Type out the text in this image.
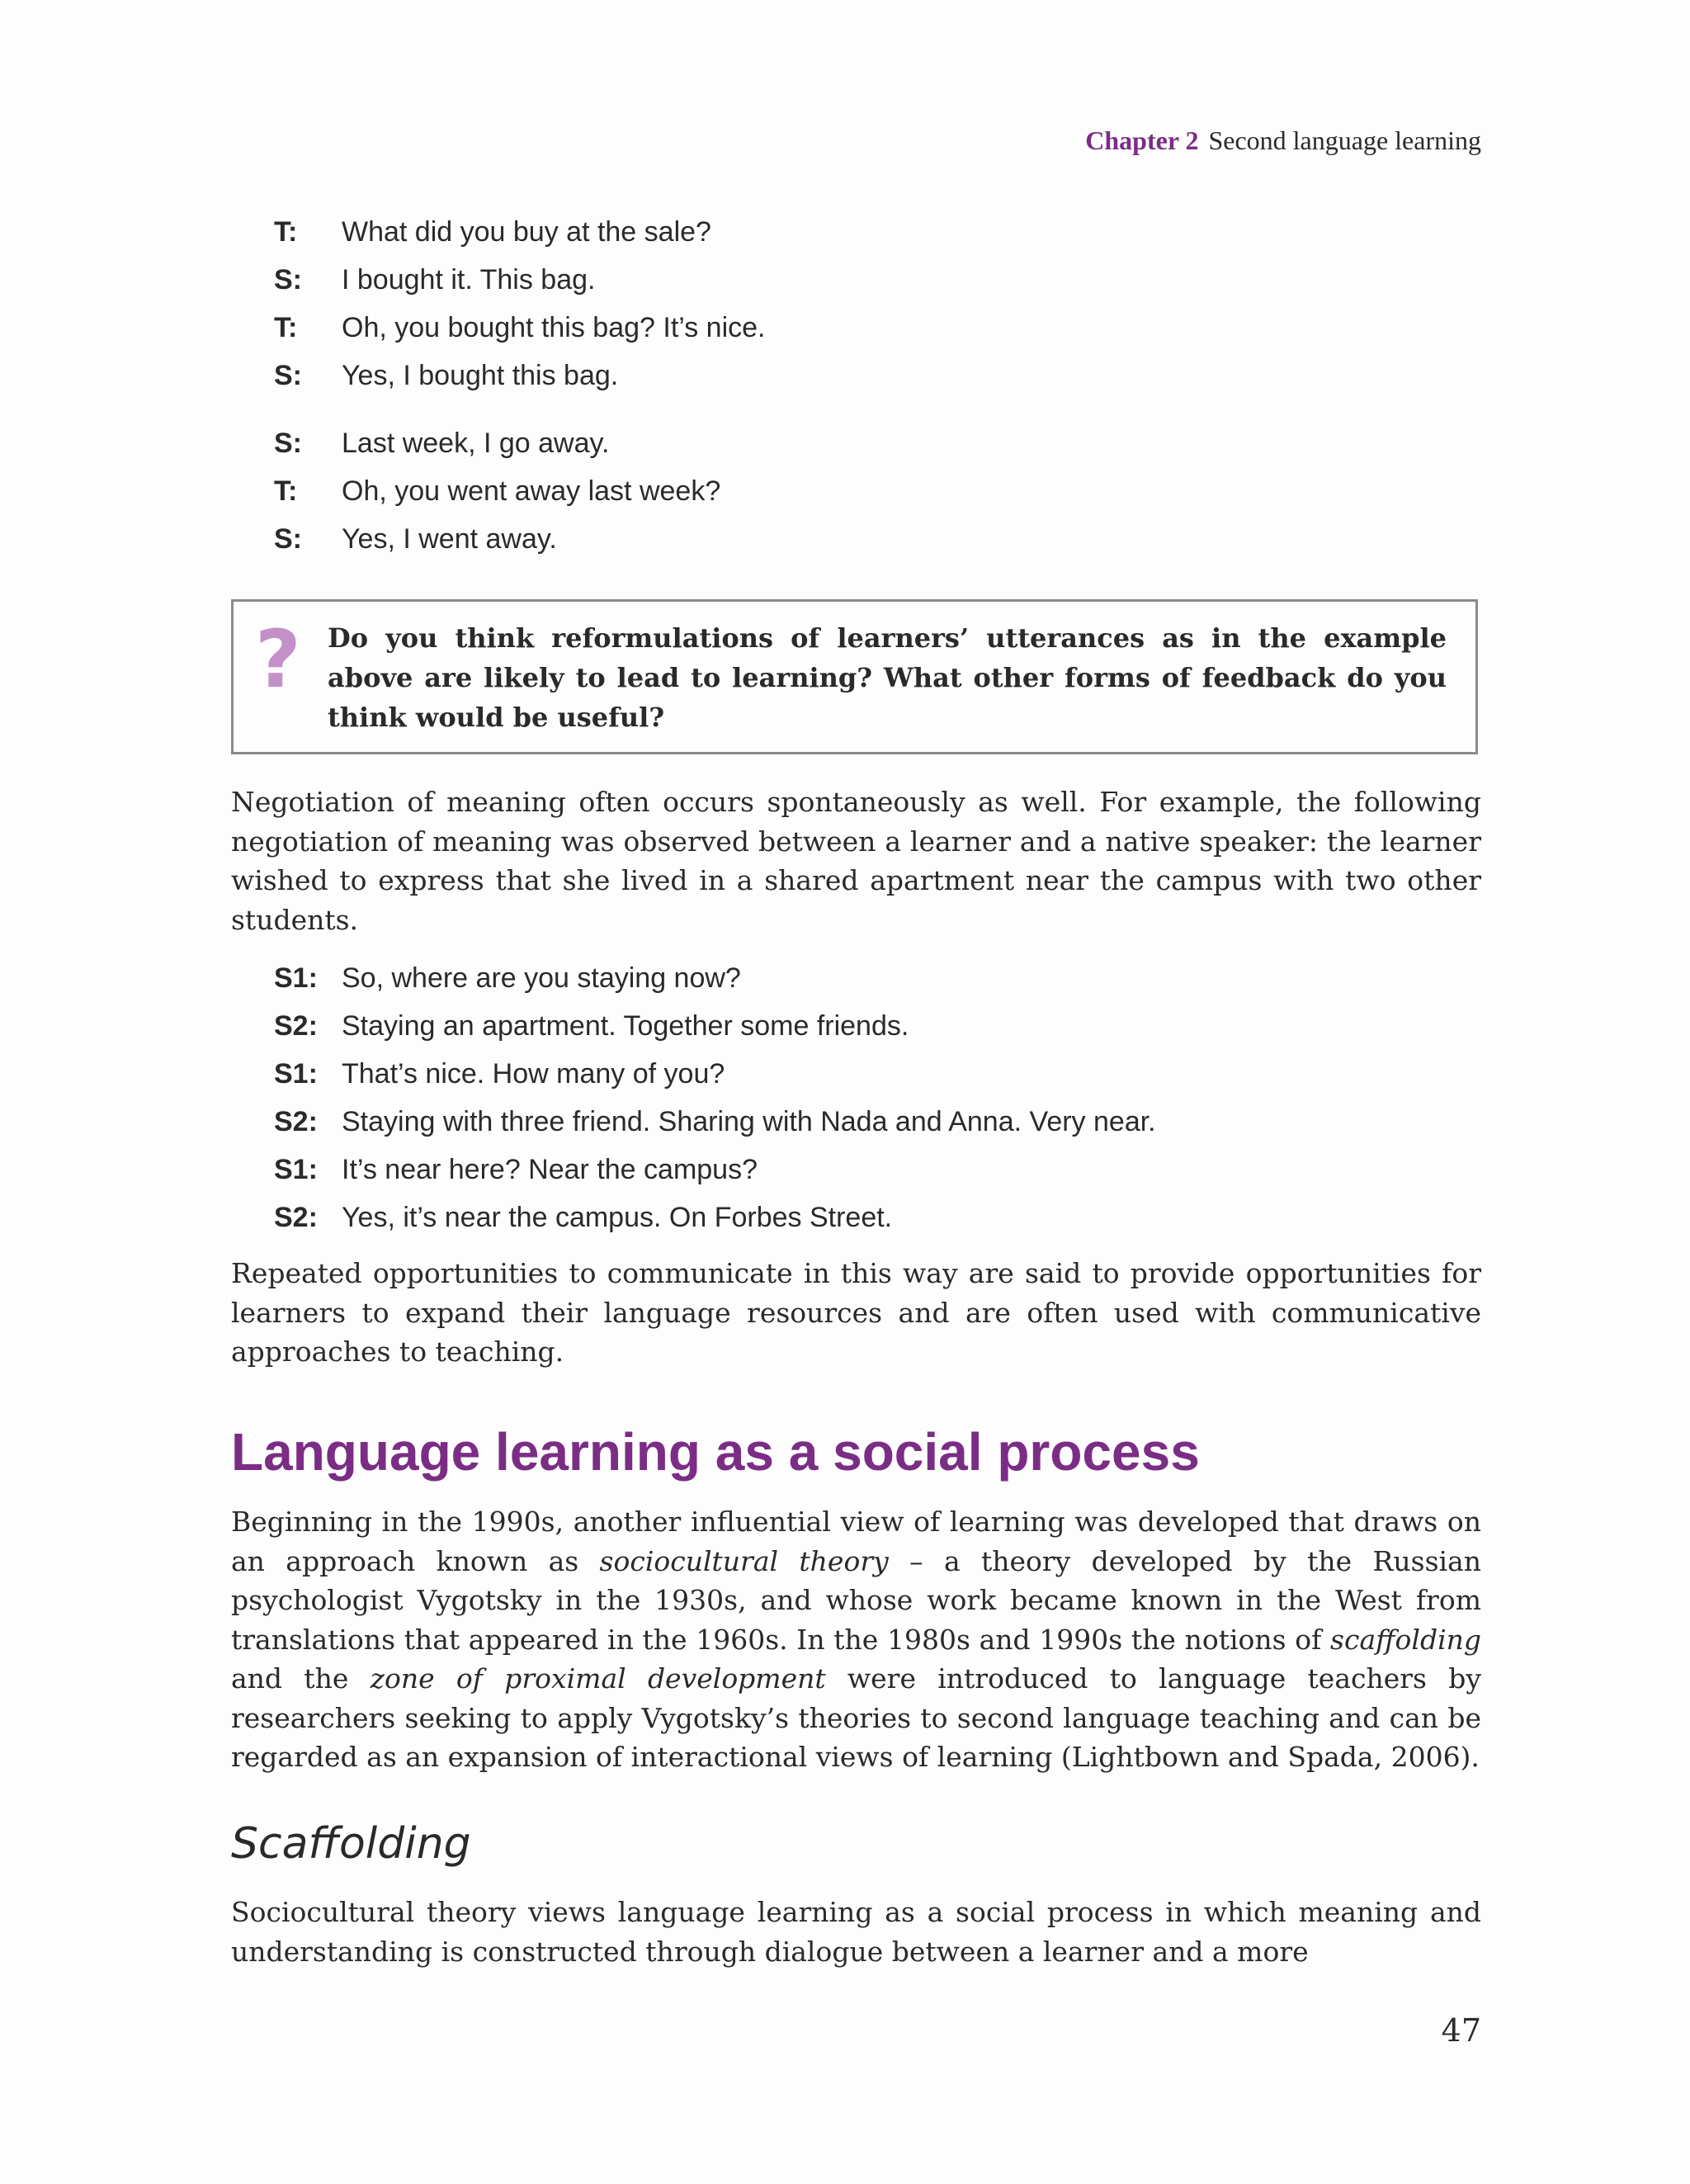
Chapter 2 Second language learning
T: What did you buy at the sale?
S: I bought it. This bag.
T: Oh, you bought this bag? It’s nice.
S: Yes, I bought this bag.
S: Last week, I go away.
T: Oh, you went away last week?
S: Yes, I went away.
? Do you think reformulations of learners’ utterances as in the example above are likely to lead to learning? What other forms of feedback do you think would be useful?
Negotiation of meaning often occurs spontaneously as well. For example, the following negotiation of meaning was observed between a learner and a native speaker: the learner wished to express that she lived in a shared apartment near the campus with two other students.
S1: So, where are you staying now?
S2: Staying an apartment. Together some friends.
S1: That’s nice. How many of you?
S2: Staying with three friend. Sharing with Nada and Anna. Very near.
S1: It’s near here? Near the campus?
S2: Yes, it’s near the campus. On Forbes Street.
Repeated opportunities to communicate in this way are said to provide opportunities for learners to expand their language resources and are often used with communicative approaches to teaching.
Language learning as a social process
Beginning in the 1990s, another influential view of learning was developed that draws on an approach known as sociocultural theory – a theory developed by the Russian psychologist Vygotsky in the 1930s, and whose work became known in the West from translations that appeared in the 1960s. In the 1980s and 1990s the notions of scaffolding and the zone of proximal development were introduced to language teachers by researchers seeking to apply Vygotsky’s theories to second language teaching and can be regarded as an expansion of interactional views of learning (Lightbown and Spada, 2006).
Scaffolding
Sociocultural theory views language learning as a social process in which meaning and understanding is constructed through dialogue between a learner and a more
47
